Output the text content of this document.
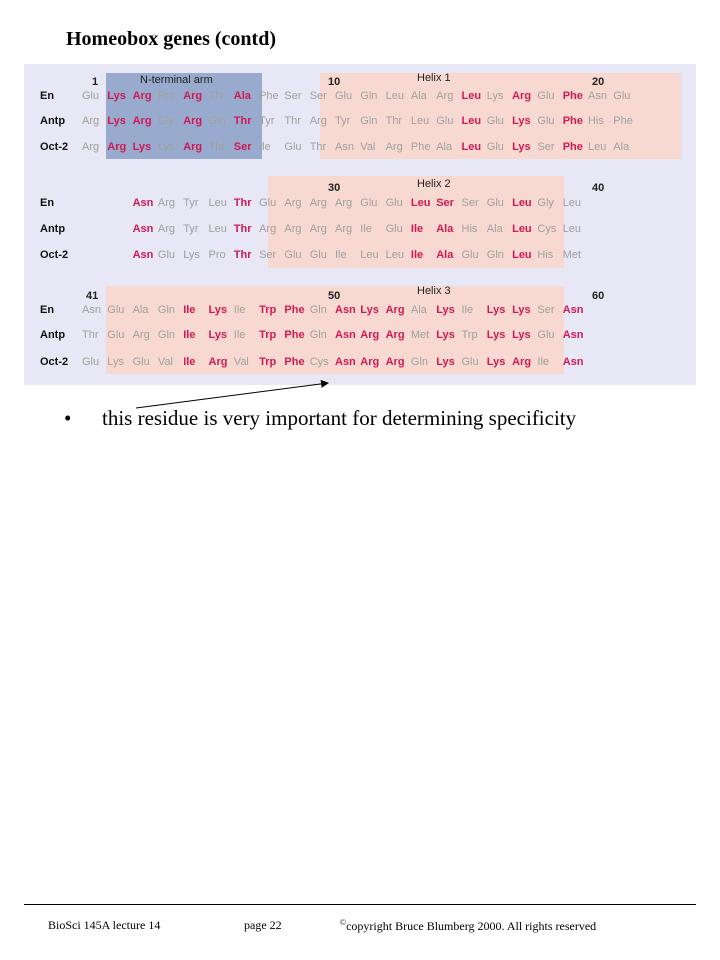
Homeobox genes (contd)
N-terminal arm	Helix 1
1	10	20
Helix 2
30	40
Helix 3
41	50	60
En	Glu Lys Arg Pro Arg Thr Ala Phe Ser Ser Glu Gln Leu Ala Arg Leu Lys Arg Glu Phe Asn Glu
Antp Arg Lys Arg Gly Arg Gln Thr Tyr Thr Arg Tyr Gln Thr Leu Glu Leu Glu Lys Glu Phe His Phe
Oct-2 Arg Arg Lys Lys Arg Thr Ser Ile Glu Thr Asn Val Arg Phe Ala Leu Glu Lys Ser Phe Leu Ala
En	Asn Arg Tyr Leu Thr Glu Arg Arg Arg Glu Glu Leu Ser Ser Glu Leu Gly Leu
Antp	Asn Arg Tyr Leu Thr Arg Arg Arg Arg Ile Glu Ile Ala His Ala Leu Cys Leu
Oct-2	Asn Glu Lys Pro Thr Ser Glu Glu Ile Leu Leu Ile Ala Glu Gln Leu His Met
En	Asn Glu Ala Gln Ile Lys Ile Trp Phe Gln Asn Lys Arg Ala Lys Ile Lys Lys Ser Asn
Antp Thr Glu Arg Gln Ile Lys Ile Trp Phe Gln Asn Arg Arg Met Lys Trp Lys Lys Glu Asn
Oct-2 Glu Lys Glu Val Ile Arg Val Trp Phe Cys Asn Arg Arg Gln Lys Glu Lys Arg Ile Asn
• this residue is very important for determining specificity
BioSci 145A lecture 14	page 22	©copyright Bruce Blumberg 2000. All rights reserved
